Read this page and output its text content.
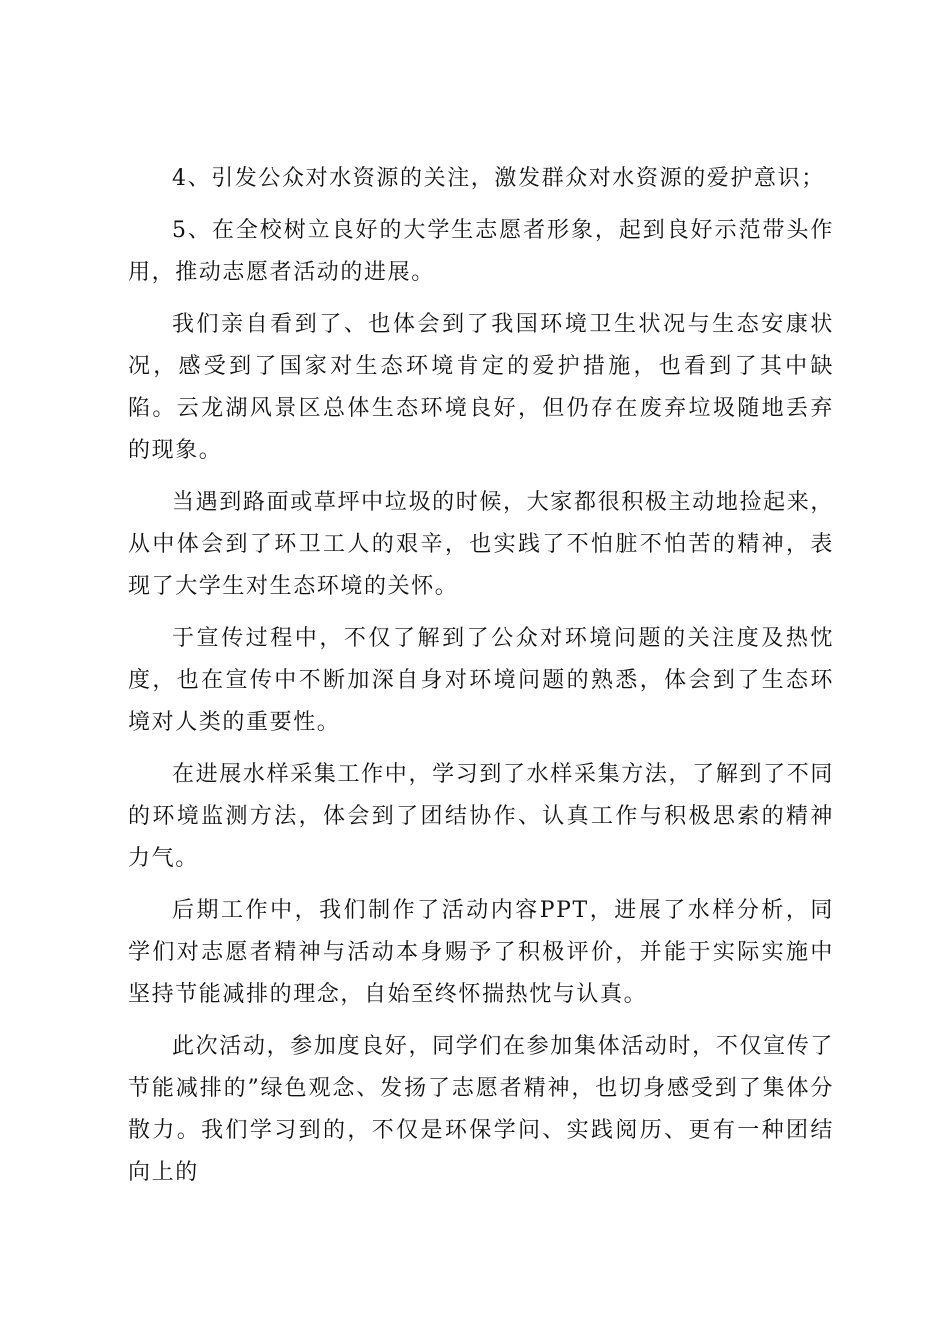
4、引发公众对水资源的关注，激发群众对水资源的爱护意识；

5、在全校树立良好的大学生志愿者形象，起到良好示范带头作用，推动志愿者活动的进展。

我们亲自看到了、也体会到了我国环境卫生状况与生态安康状况，感受到了国家对生态环境肯定的爱护措施，也看到了其中缺陷。云龙湖风景区总体生态环境良好，但仍存在废弃垃圾随地丢弃的现象。

当遇到路面或草坪中垃圾的时候，大家都很积极主动地捡起来，从中体会到了环卫工人的艰辛，也实践了不怕脏不怕苦的精神，表现了大学生对生态环境的关怀。

于宣传过程中，不仅了解到了公众对环境问题的关注度及热忱度，也在宣传中不断加深自身对环境问题的熟悉，体会到了生态环境对人类的重要性。

在进展水样采集工作中，学习到了水样采集方法，了解到了不同的环境监测方法，体会到了团结协作、认真工作与积极思索的精神力气。

后期工作中，我们制作了活动内容PPT，进展了水样分析，同学们对志愿者精神与活动本身赐予了积极评价，并能于实际实施中坚持节能减排的理念，自始至终怀揣热忱与认真。

此次活动，参加度良好，同学们在参加集体活动时，不仅宣传了节能减排的”绿色观念、发扬了志愿者精神，也切身感受到了集体分散力。我们学习到的，不仅是环保学问、实践阅历、更有一种团结向上的
